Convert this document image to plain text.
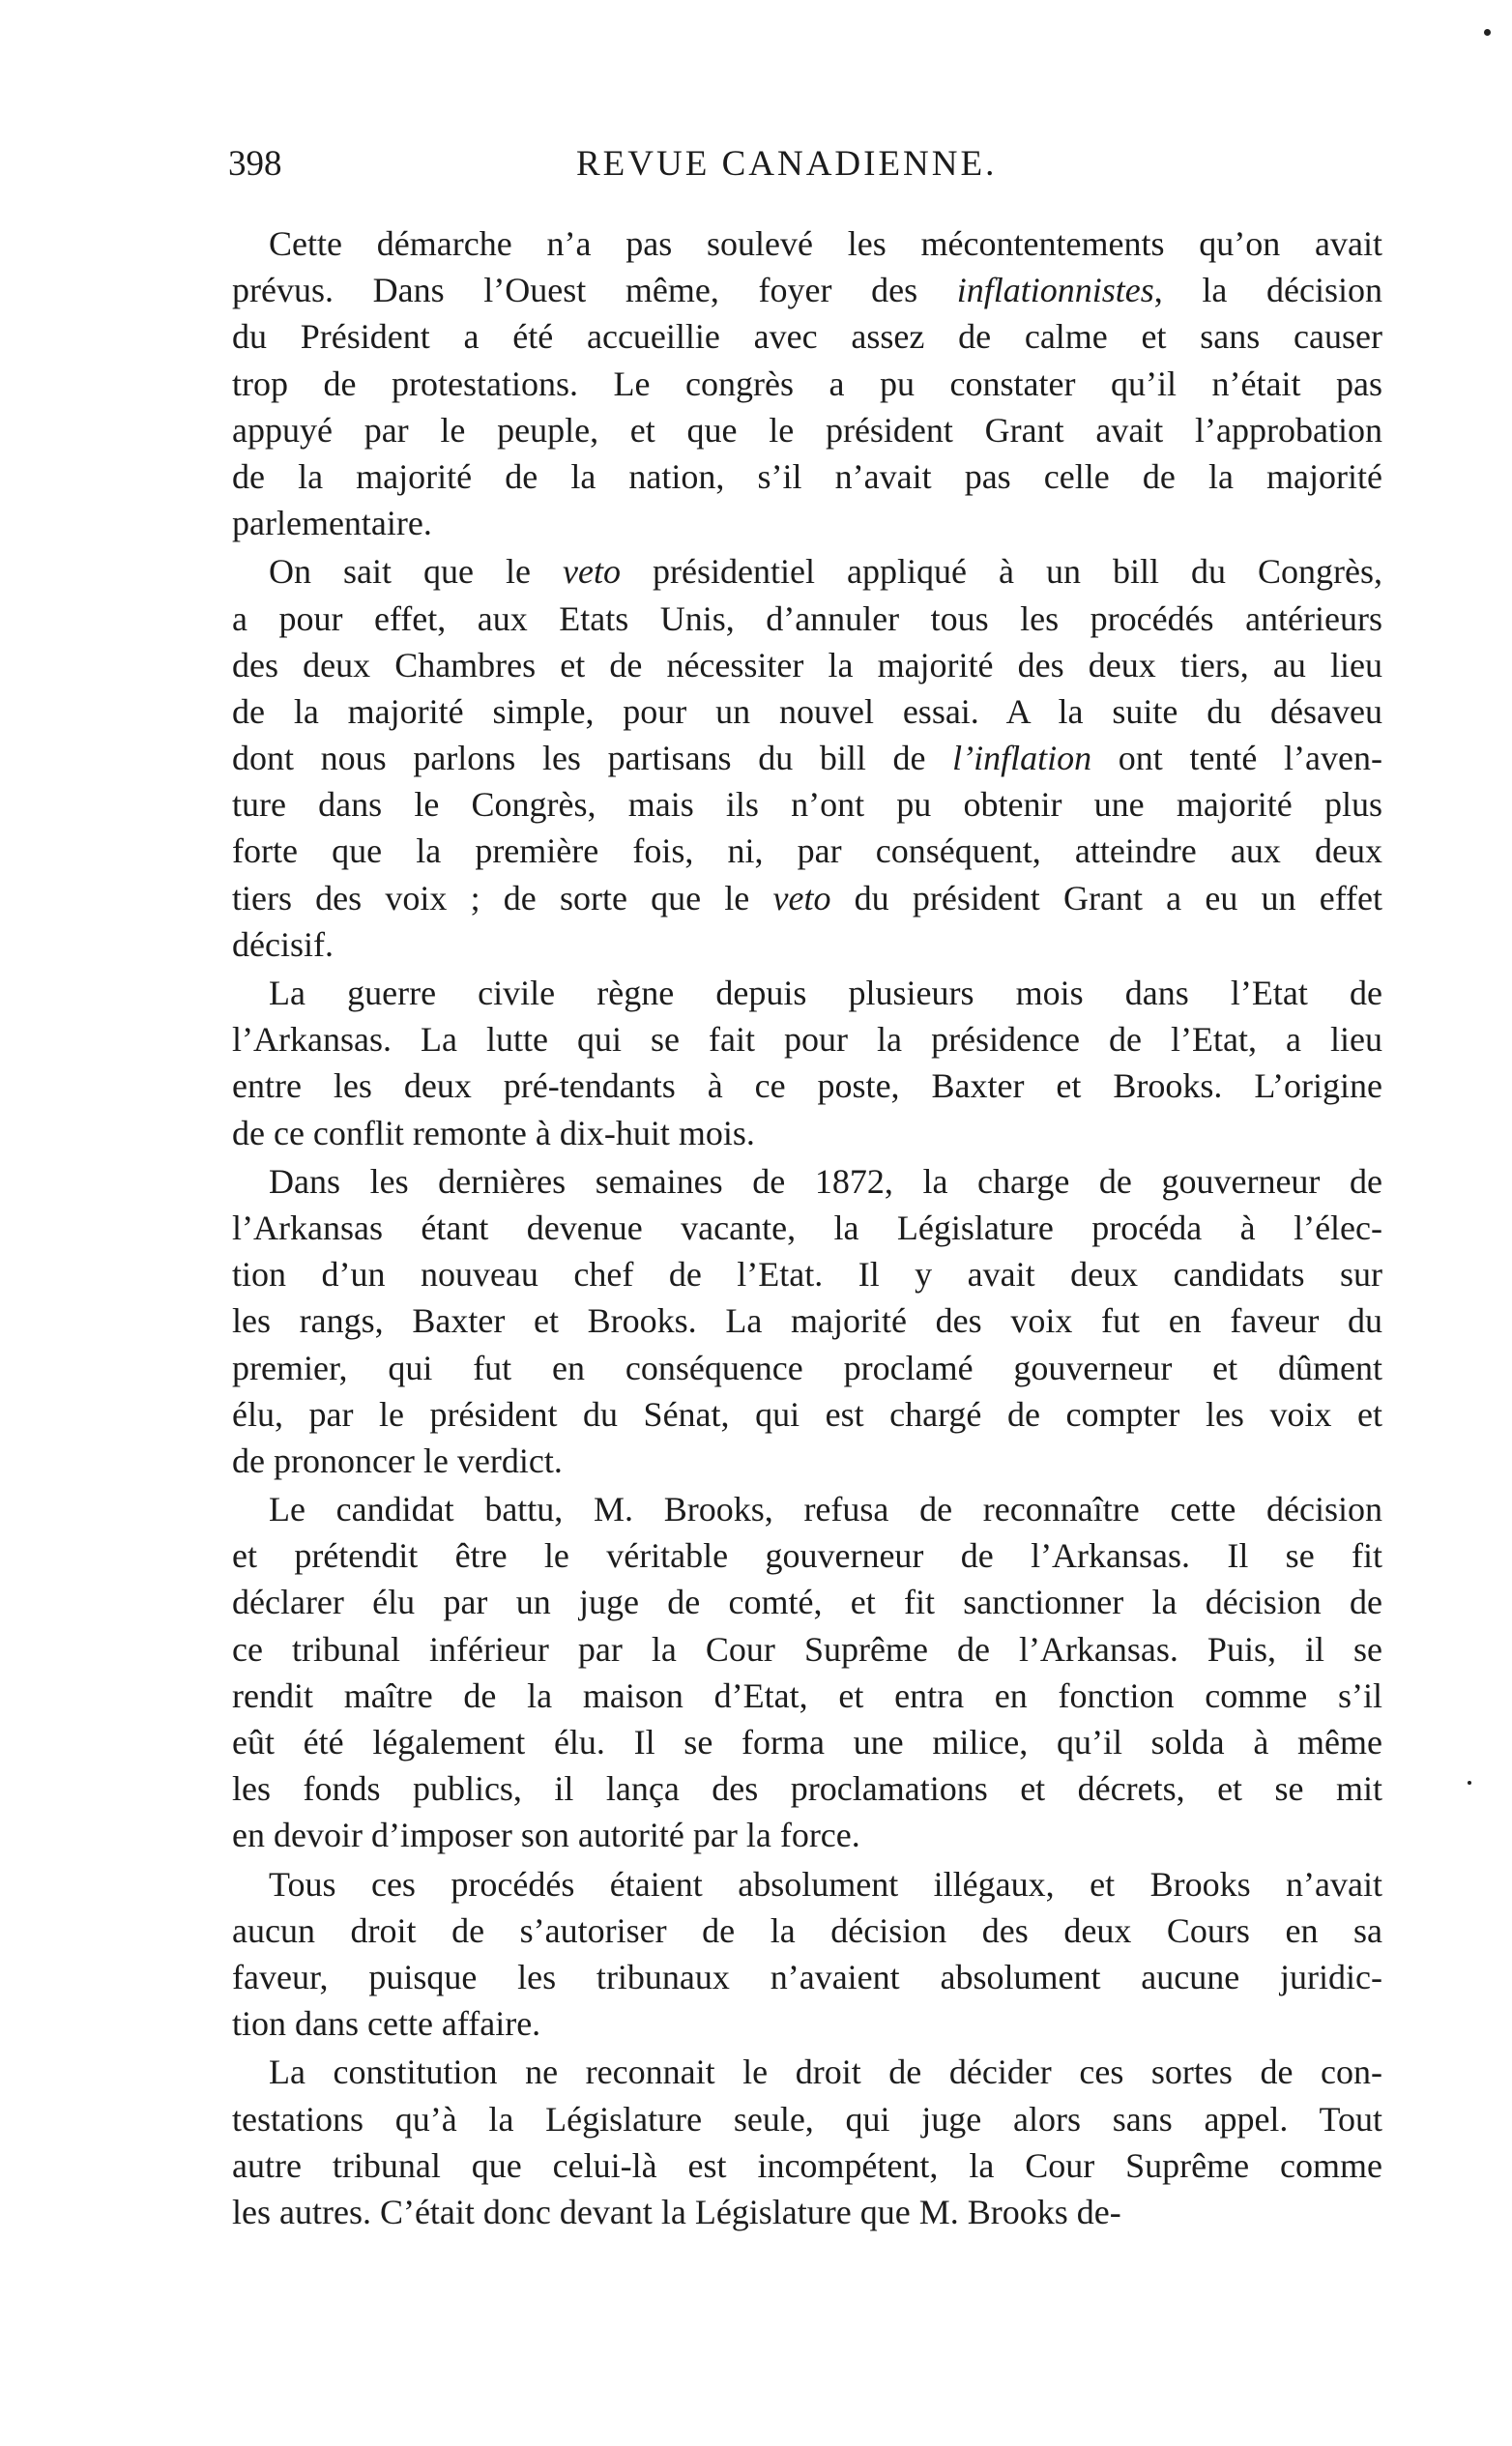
398	REVUE CANADIENNE.
Cette démarche n’a pas soulevé les mécontentements qu’on avait
prévus. Dans l’Ouest même, foyer des inflationnistes, la décision
du Président a été accueillie avec assez de calme et sans causer
trop de protestations. Le congrès a pu constater qu’il n’était pas
appuyé par le peuple, et que le président Grant avait l’approbation
de la majorité de la nation, s’il n’avait pas celle de la majorité
parlementaire.
On sait que le veto présidentiel appliqué à un bill du Congrès,
a pour effet, aux Etats Unis, d’annuler tous les procédés antérieurs
des deux Chambres et de nécessiter la majorité des deux tiers, au lieu
de la majorité simple, pour un nouvel essai. A la suite du désaveu
dont nous parlons les partisans du bill de l’inflation ont tenté l’aven-
ture dans le Congrès, mais ils n’ont pu obtenir une majorité plus
forte que la première fois, ni, par conséquent, atteindre aux deux
tiers des voix ; de sorte que le veto du président Grant a eu un effet
décisif.
La guerre civile règne depuis plusieurs mois dans l’Etat de
l’Arkansas. La lutte qui se fait pour la présidence de l’Etat, a lieu
entre les deux pré-tendants à ce poste, Baxter et Brooks. L’origine
de ce conflit remonte à dix-huit mois.
Dans les dernières semaines de 1872, la charge de gouverneur de
l’Arkansas étant devenue vacante, la Législature procéda à l’élec-
tion d’un nouveau chef de l’Etat. Il y avait deux candidats sur
les rangs, Baxter et Brooks. La majorité des voix fut en faveur du
premier, qui fut en conséquence proclamé gouverneur et dûment
élu, par le président du Sénat, qui est chargé de compter les voix et
de prononcer le verdict.
Le candidat battu, M. Brooks, refusa de reconnaître cette décision
et prétendit être le véritable gouverneur de l’Arkansas. Il se fit
déclarer élu par un juge de comté, et fit sanctionner la décision de
ce tribunal inférieur par la Cour Suprême de l’Arkansas. Puis, il se
rendit maître de la maison d’Etat, et entra en fonction comme s’il
eût été légalement élu. Il se forma une milice, qu’il solda à même
les fonds publics, il lança des proclamations et décrets, et se mit
en devoir d’imposer son autorité par la force.
Tous ces procédés étaient absolument illégaux, et Brooks n’avait
aucun droit de s’autoriser de la décision des deux Cours en sa
faveur, puisque les tribunaux n’avaient absolument aucune juridic-
tion dans cette affaire.
La constitution ne reconnait le droit de décider ces sortes de con-
testations qu’à la Législature seule, qui juge alors sans appel. Tout
autre tribunal que celui-là est incompétent, la Cour Suprême comme
les autres. C’était donc devant la Législature que M. Brooks de-
